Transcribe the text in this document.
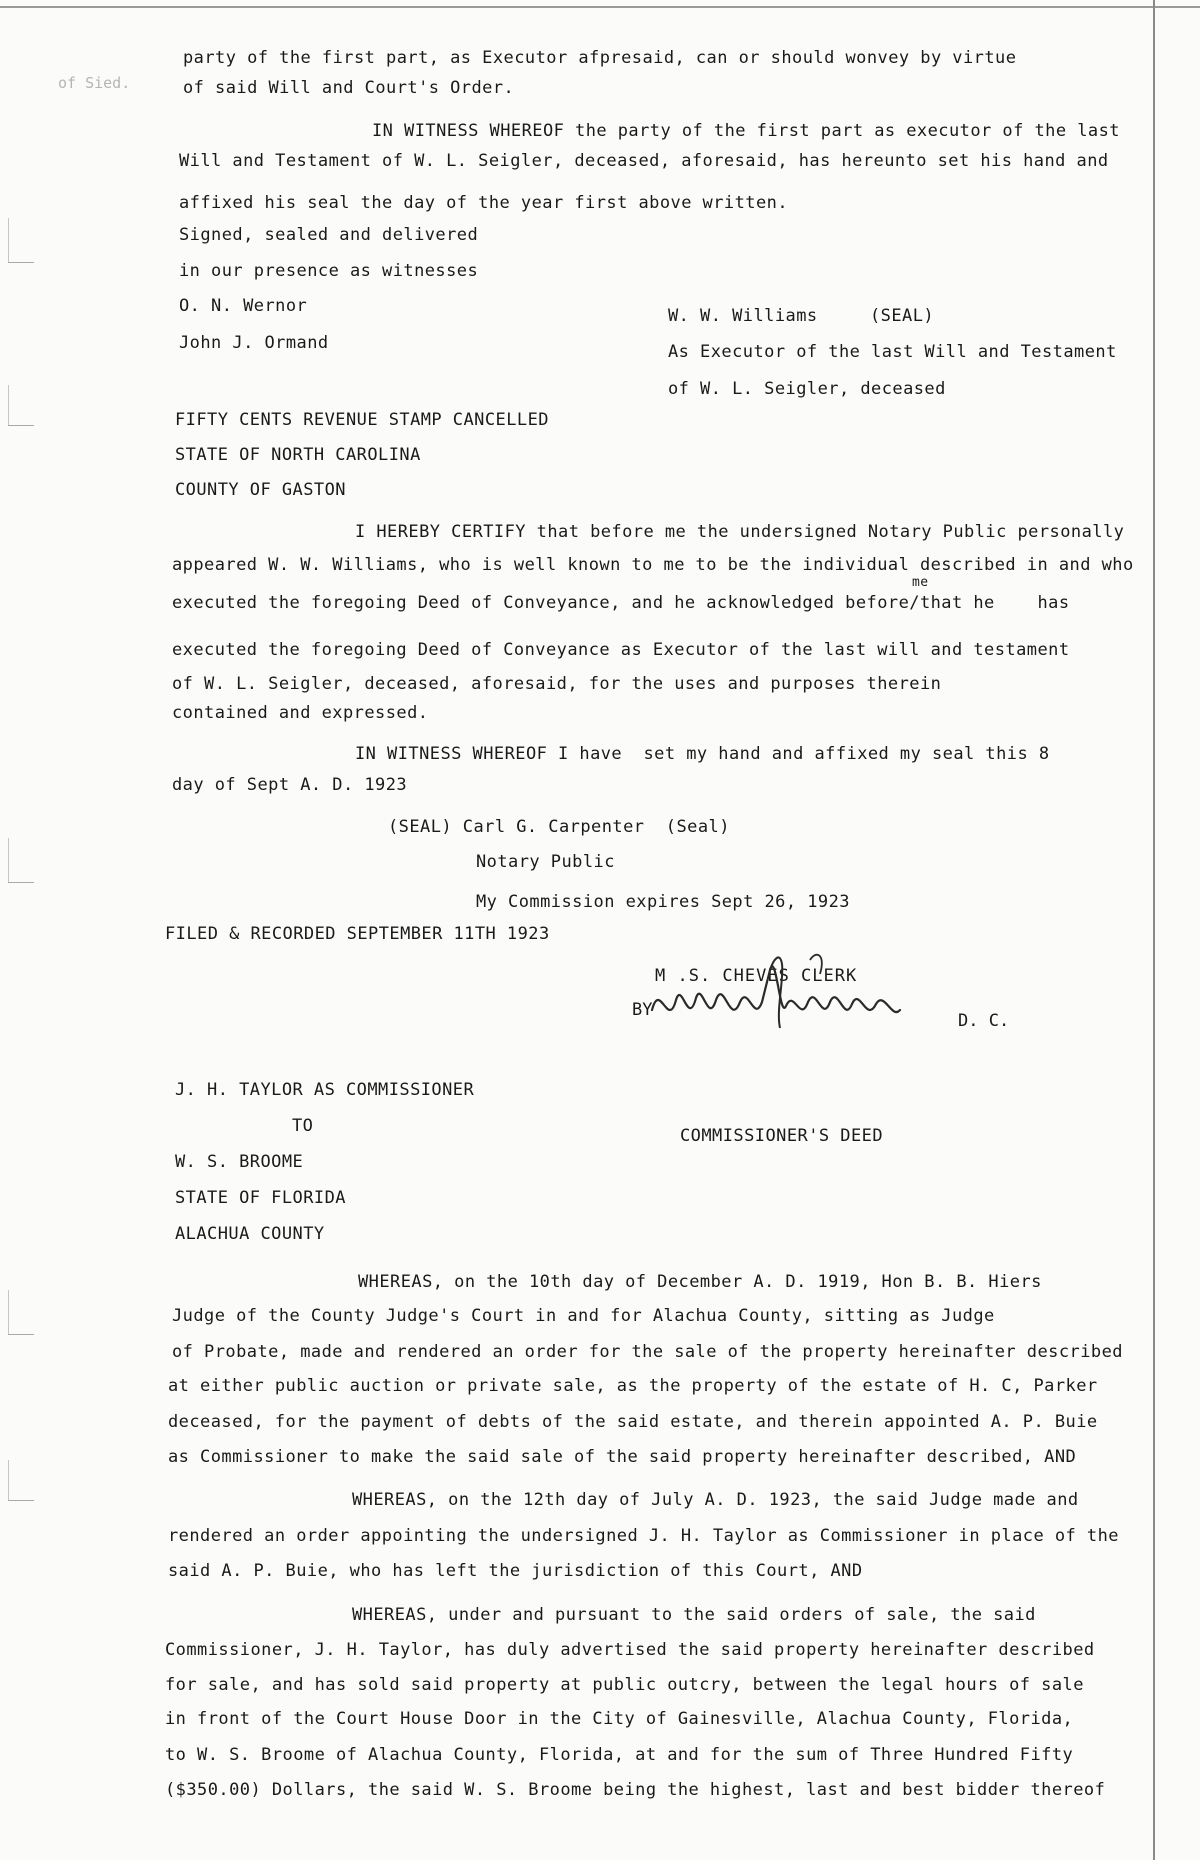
of Sied.
party of the first part, as Executor afpresaid, can or should wonvey by virtue
of said Will and Court's Order.
IN WITNESS WHEREOF the party of the first part as executor of the last
Will and Testament of W. L. Seigler, deceased, aforesaid, has hereunto set his hand and
affixed his seal the day of the year first above written.
Signed, sealed and delivered
in our presence as witnesses
O. N. Wernor
John J. Ormand
W. W. Williams	(SEAL)
As Executor of the last Will and Testament
of W. L. Seigler, deceased
FIFTY CENTS REVENUE STAMP CANCELLED
STATE OF NORTH CAROLINA
COUNTY OF GASTON
I HEREBY CERTIFY that before me the undersigned Notary Public personally
appeared W. W. Williams, who is well known to me to be the individual described in and who
me
executed the foregoing Deed of Conveyance, and he acknowledged before/that he    has
executed the foregoing Deed of Conveyance as Executor of the last will and testament
of W. L. Seigler, deceased, aforesaid, for the uses and purposes therein
contained and expressed.
IN WITNESS WHEREOF I have  set my hand and affixed my seal this 8
day of Sept A. D. 1923
(SEAL) Carl G. Carpenter  (Seal)
Notary Public
My Commission expires Sept 26, 1923
FILED & RECORDED SEPTEMBER 11TH 1923
M .S. CHEVES CLERK
BY
D. C.
J. H. TAYLOR AS COMMISSIONER
TO	COMMISSIONER'S DEED
W. S. BROOME
STATE OF FLORIDA
ALACHUA COUNTY
WHEREAS, on the 10th day of December A. D. 1919, Hon B. B. Hiers
Judge of the County Judge's Court in and for Alachua County, sitting as Judge
of Probate, made and rendered an order for the sale of the property hereinafter described
at either public auction or private sale, as the property of the estate of H. C, Parker
deceased, for the payment of debts of the said estate, and therein appointed A. P. Buie
as Commissioner to make the said sale of the said property hereinafter described, AND
WHEREAS, on the 12th day of July A. D. 1923, the said Judge made and
rendered an order appointing the undersigned J. H. Taylor as Commissioner in place of the
said A. P. Buie, who has left the jurisdiction of this Court, AND
WHEREAS, under and pursuant to the said orders of sale, the said
Commissioner, J. H. Taylor, has duly advertised the said property hereinafter described
for sale, and has sold said property at public outcry, between the legal hours of sale
in front of the Court House Door in the City of Gainesville, Alachua County, Florida,
to W. S. Broome of Alachua County, Florida, at and for the sum of Three Hundred Fifty
($350.00) Dollars, the said W. S. Broome being the highest, last and best bidder thereof
